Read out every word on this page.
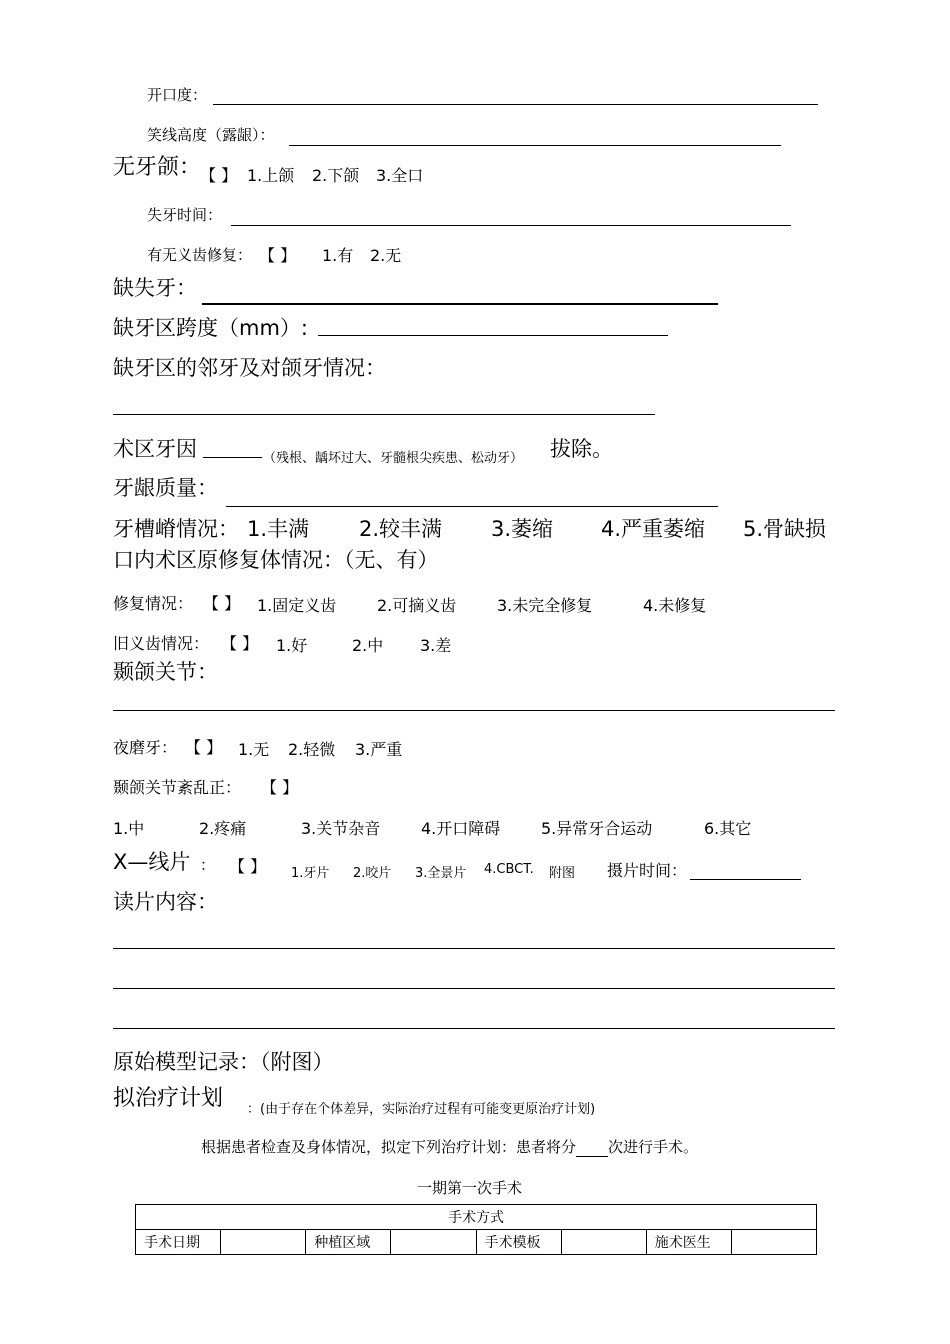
开口度：
笑线高度（露龈）：
无牙颌：
【 】 1.上颌 2.下颌 3.全口
失牙时间：
有无义齿修复： 【 】 1.有 2.无
缺失牙：
缺牙区跨度（mm）:
缺牙区的邻牙及对颌牙情况：
术区牙因	（残根、龋坏过大、牙髓根尖疾患、松动牙） 拔除。
牙龈质量：
牙槽嵴情况： 1.丰满 2.较丰满 3.萎缩 4.严重萎缩 5.骨缺损
口内术区原修复体情况：（无、有）
修复情况： 【 】 1.固定义齿	2.可摘义齿	3.未完全修复	4.未修复
旧义齿情况： 【 】 1.好	2.中 3.差
颞颌关节：
夜磨牙： 【 】 1.无 2.轻微 3.严重
颞颌关节紊乱正： 【 】
1.中	2.疼痛	3.关节杂音	4.开口障碍	5.异常牙合运动	6.其它
X—线片 ： 【 】 1.牙片 2.咬片 3.全景片 4.CBCT. 附图 摄片时间：
读片内容：
原始模型记录：（附图）
拟治疗计划 ：(由于存在个体差异，实际治疗过程有可能变更原治疗计划)
根据患者检查及身体情况，拟定下列治疗计划：患者将分 次进行手术。
一期第一次手术
手术方式
手术日期		种植区域		手术模板		施术医生	
